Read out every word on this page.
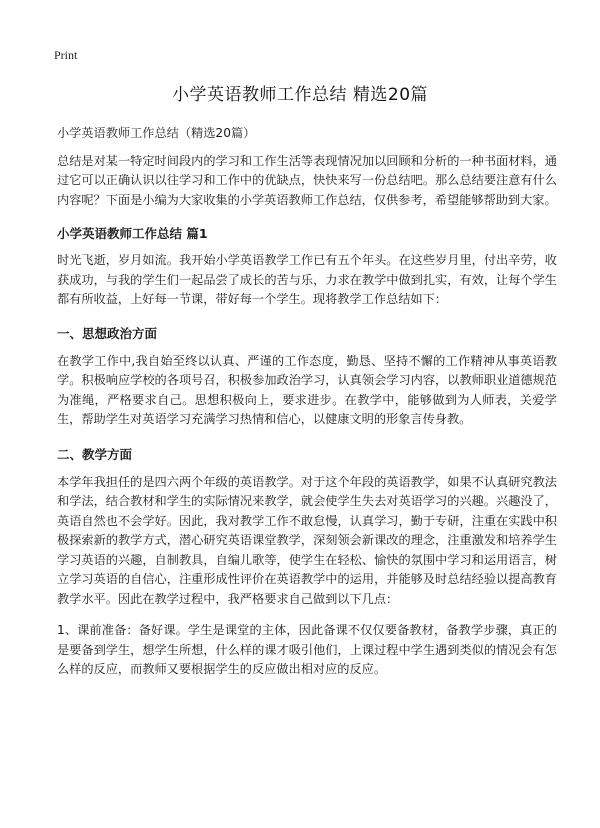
Print
小学英语教师工作总结 精选20篇

小学英语教师工作总结（精选20篇）

总结是对某一特定时间段内的学习和工作生活等表现情况加以回顾和分析的一种书面材料，通过它可以正确认识以往学习和工作中的优缺点，快快来写一份总结吧。那么总结要注意有什么内容呢？下面是小编为大家收集的小学英语教师工作总结，仅供参考，希望能够帮助到大家。

小学英语教师工作总结 篇1

时光飞逝，岁月如流。我开始小学英语教学工作已有五个年头。在这些岁月里，付出辛劳，收获成功，与我的学生们一起品尝了成长的苦与乐，力求在教学中做到扎实，有效，让每个学生都有所收益，上好每一节课，带好每一个学生。现将教学工作总结如下：

一、思想政治方面

在教学工作中,我自始至终以认真、严谨的工作态度，勤恳、坚持不懈的工作精神从事英语教学。积极响应学校的各项号召，积极参加政治学习，认真领会学习内容，以教师职业道德规范为准绳，严格要求自己。思想积极向上，要求进步。在教学中，能够做到为人师表，关爱学生，帮助学生对英语学习充满学习热情和信心，以健康文明的形象言传身教。

二、教学方面

本学年我担任的是四六两个年级的英语教学。对于这个年段的英语教学，如果不认真研究教法和学法，结合教材和学生的实际情况来教学，就会使学生失去对英语学习的兴趣。兴趣没了，英语自然也不会学好。因此，我对教学工作不敢怠慢，认真学习，勤于专研，注重在实践中积极探索新的教学方式，潜心研究英语课堂教学，深刻领会新课改的理念，注重激发和培养学生学习英语的兴趣，自制教具，自编儿歌等，使学生在轻松、愉快的氛围中学习和运用语言，树立学习英语的自信心，注重形成性评价在英语教学中的运用，并能够及时总结经验以提高教育教学水平。因此在教学过程中，我严格要求自己做到以下几点：

1、课前准备：备好课。学生是课堂的主体，因此备课不仅仅要备教材，备教学步骤，真正的是要备到学生，想学生所想，什么样的课才吸引他们，上课过程中学生遇到类似的情况会有怎么样的反应，而教师又要根据学生的反应做出相对应的反应。
